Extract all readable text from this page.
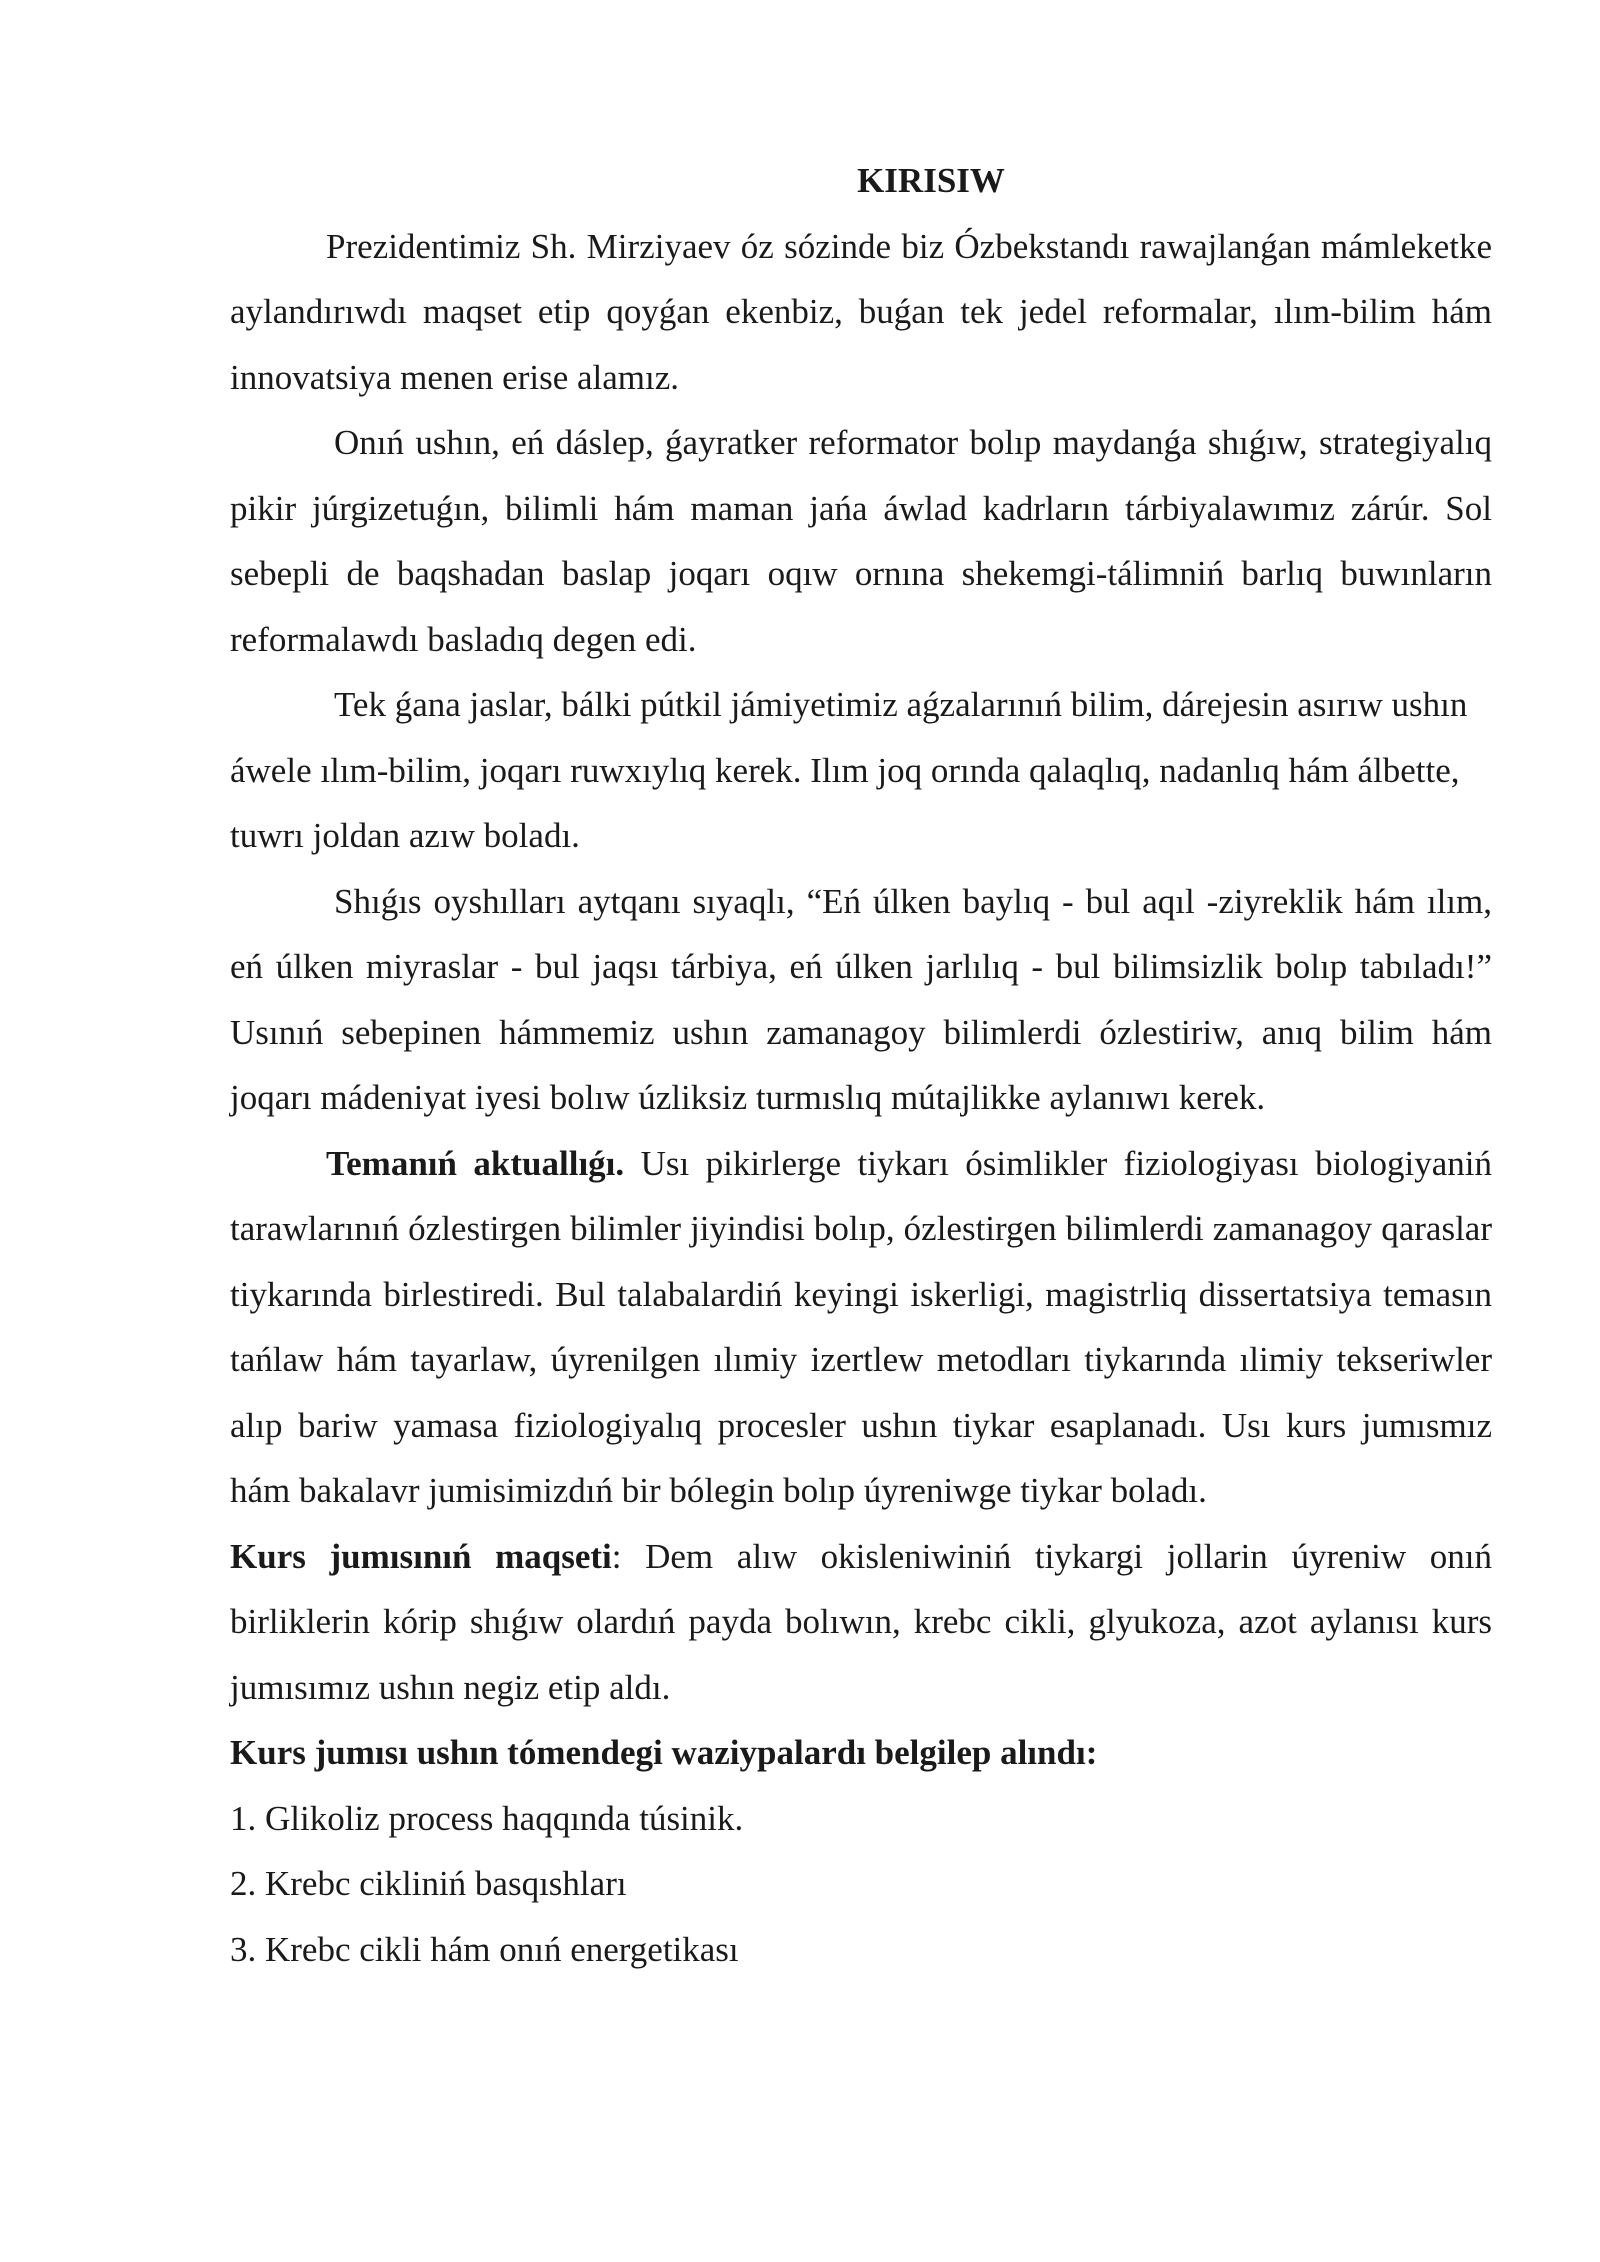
KIRISIW

Prezidentimiz Sh. Mirziyaev óz sózinde biz Ózbekstandı rawajlanǵan mámleketke aylandırıwdı maqset etip qoyǵan ekenbiz, buǵan tek jedel reformalar, ılım-bilim hám innovatsiya menen erise alamız.

Onıń ushın, eń dáslep, ǵayratker reformator bolıp maydanǵa shıǵıw, strategiyalıq pikir júrgizetuǵın, bilimli hám maman jańa áwlad kadrların tárbiyalawımız zárúr. Sol sebepli de baqshadan baslap joqarı oqıw ornına shekemgi-tálimniń barlıq buwınların reformalawdı basladıq degen edi.

Tek ǵana jaslar, bálki pútkil jámiyetimiz aǵzalarınıń bilim, dárejesin asırıw ushın áwele ılım-bilim, joqarı ruwxıylıq kerek. Ilım joq orında qalaqlıq, nadanlıq hám álbette, tuwrı joldan azıw boladı.

Shıǵıs oyshılları aytqanı sıyaqlı, “Eń úlken baylıq - bul aqıl -ziyreklik hám ılım, eń úlken miyraslar - bul jaqsı tárbiya, eń úlken jarlılıq - bul bilimsizlik bolıp tabıladı!” Usınıń sebepinen hámmemiz ushın zamanagoy bilimlerdi ózlestiriw, anıq bilim hám joqarı mádeniyat iyesi bolıw úzliksiz turmıslıq mútajlikke aylanıwı kerek.

Temanıń aktuallıǵı. Usı pikirlerge tiykarı ósimlikler fiziologiyası biologiyaniń tarawlarınıń ózlestirgen bilimler jiyindisi bolıp, ózlestirgen bilimlerdi zamanagoy qaraslar tiykarında birlestiredi. Bul talabalardiń keyingi iskerligi, magistrliq dissertatsiya temasın tańlaw hám tayarlaw, úyrenilgen ılımiy izertlew metodları tiykarında ılimiy tekseriwler alıp bariw yamasa fiziologiyalıq procesler ushın tiykar esaplanadı. Usı kurs jumısmız hám bakalavr jumisimizdıń bir bólegin bolıp úyreniwge tiykar boladı.

Kurs jumısınıń maqseti: Dem alıw okisleniwiniń tiykargi jollarin úyreniw onıń birliklerin kórip shıǵıw olardıń payda bolıwın, krebc cikli, glyukoza, azot aylanısı kurs jumısımız ushın negiz etip aldı.

Kurs jumısı ushın tómendegi waziypalardı belgilep alındı:

1. Glikoliz process haqqında túsinik.

2. Krebc cikliniń basqıshları

3. Krebc cikli hám onıń energetikası
